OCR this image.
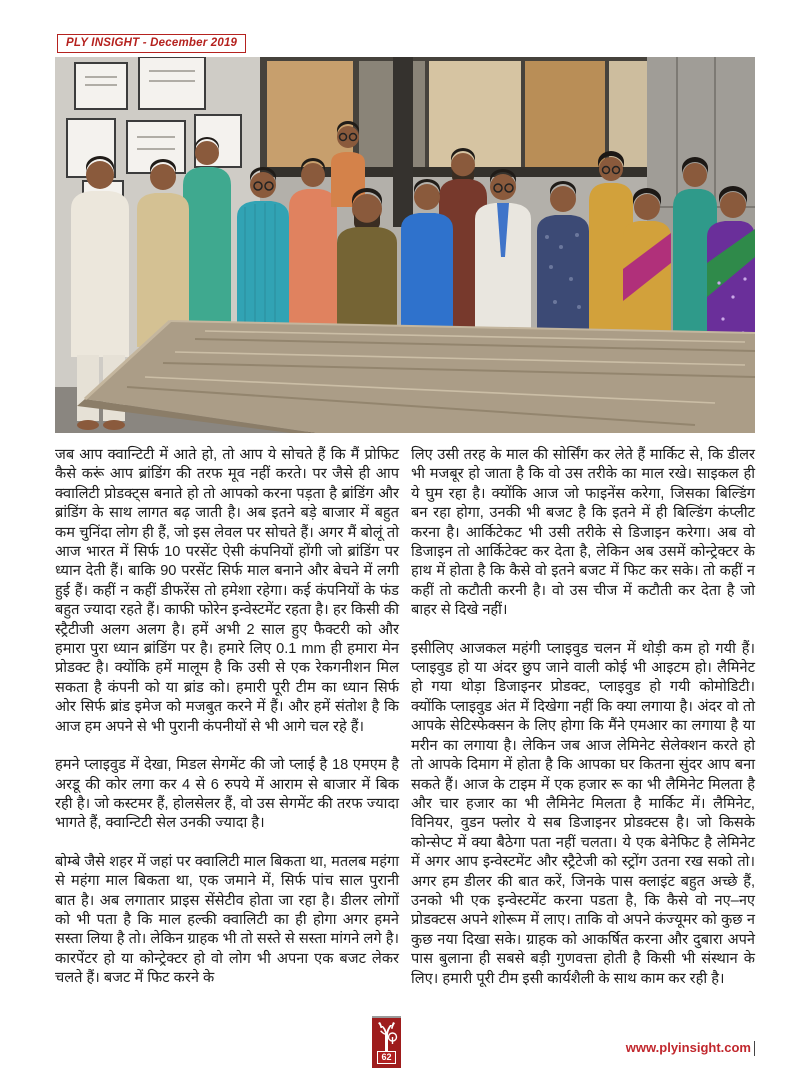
PLY INSIGHT - December 2019

जब आप क्वान्टिटी में आते हो, तो आप ये सोचते हैं कि मैं प्रोफिट कैसे करूं आप ब्रांडिंग की तरफ मूव नहीं करते। पर जैसे ही आप क्वालिटी प्रोडक्ट्स बनाते हो तो आपको करना पड़ता है ब्रांडिंग और ब्रांडिंग के साथ लागत बढ़ जाती है। अब इतने बड़े बाजार में बहुत कम चुनिंदा लोग ही हैं, जो इस लेवल पर सोचते हैं। अगर मैं बोलूं तो आज भारत में सिर्फ 10 परसेंट ऐसी कंपनियों होंगी जो ब्रांडिंग पर ध्यान देती हैं। बाकि 90 परसेंट सिर्फ माल बनाने और बेचने में लगी हुई हैं। कहीं न कहीं डीफरेंस तो हमेशा रहेगा। कई कंपनियों के फंड बहुत ज्यादा रहते हैं। काफी फोरेन इन्वेस्टमेंट रहता है। हर किसी की स्ट्रैटीजी अलग अलग है। हमें अभी 2 साल हुए फैक्टरी को और हमारा पुरा ध्यान ब्रांडिंग पर है। हमारे लिए 0.1 mm ही हमारा मेन प्रोडक्ट है। क्योंकि हमें मालूम है कि उसी से एक रेकगनीशन मिल सकता है कंपनी को या ब्रांड को। हमारी पूरी टीम का ध्यान सिर्फ ओर सिर्फ ब्रांड इमेज को मजबुत करने में हैं। और हमें संतोश है कि आज हम अपने से भी पुरानी कंपनीयों से भी आगे चल रहे हैं।

हमने प्लाइवुड में देखा, मिडल सेगमेंट की जो प्लाई है 18 एमएम है अरडू की कोर लगा कर 4 से 6 रुपये में आराम से बाजार में बिक रही है। जो कस्टमर हैं, होलसेलर हैं, वो उस सेगमेंट की तरफ ज्यादा भागते हैं, क्वान्टिटी सेल उनकी ज्यादा है।

बोम्बे जैसे शहर में जहां पर क्वालिटी माल बिकता था, मतलब महंगा से महंगा माल बिकता था, एक जमाने में, सिर्फ पांच साल पुरानी बात है। अब लगातार प्राइस सेंसेटीव होता जा रहा है। डीलर लोगों को भी पता है कि माल हल्की क्वालिटी का ही होगा अगर हमने सस्ता लिया है तो। लेकिन ग्राहक भी तो सस्ते से सस्ता मांगने लगे है। कारपेंटर हो या कोन्ट्रेक्टर हो वो लोग भी अपना एक बजट लेकर चलते हैं। बजट में फिट करने के

लिए उसी तरह के माल की सोर्सिंग कर लेते हैं मार्किट से, कि डीलर भी मजबूर हो जाता है कि वो उस तरीके का माल रखे। साइकल ही ये घुम रहा है। क्योंकि आज जो फाइनेंस करेगा, जिसका बिल्डिंग बन रहा होगा, उनकी भी बजट है कि इतने में ही बिल्डिंग कंप्लीट करना है। आर्किटेकट भी उसी तरीके से डिजाइन करेगा। अब वो डिजाइन तो आर्किटेक्ट कर देता है, लेकिन अब उसमें कोन्ट्रेक्टर के हाथ में होता है कि कैसे वो इतने बजट में फिट कर सके। तो कहीं न कहीं तो कटौती करनी है। वो उस चीज में कटौती कर देता है जो बाहर से दिखे नहीं।

इसीलिए आजकल महंगी प्लाइवुड चलन में थोड़ी कम हो गयी हैं। प्लाइवुड हो या अंदर छुप जाने वाली कोई भी आइटम हो। लैमिनेट हो गया थोड़ा डिजाइनर प्रोडक्ट, प्लाइवुड हो गयी कोमोडिटी। क्योंकि प्लाइवुड अंत में दिखेगा नहीं कि क्या लगाया है। अंदर वो तो आपके सेटिस्फेक्सन के लिए होगा कि मैंने एमआर का लगाया है या मरीन का लगाया है। लेकिन जब आज लेमिनेट सेलेक्शन करते हो तो आपके दिमाग में होता है कि आपका घर कितना सुंदर आप बना सकते हैं। आज के टाइम में एक हजार रू का भी लैमिनेट मिलता है और चार हजार का भी लैमिनेट मिलता है मार्किट में। लैमिनेट, विनियर, वुडन फ्लोर ये सब डिजाइनर प्रोडक्टस है। जो किसके कोन्सेप्ट में क्या बैठेगा पता नहीं चलता। ये एक बेनेफिट है लेमिनेट में अगर आप इन्वेस्टमेंट और स्ट्रैटेजी को स्ट्रोंग उतना रख सको तो। अगर हम डीलर की बात करें, जिनके पास क्लाइंट बहुत अच्छे हैं, उनको भी एक इन्वेस्टमेंट करना पडता है, कि कैसे वो नए–नए प्रोडक्टस अपने शोरूम में लाए। ताकि वो अपने कंज्यूमर को कुछ न कुछ नया दिखा सके। ग्राहक को आकर्षित करना और दुबारा अपने पास बुलाना ही सबसे बड़ी गुणवत्ता होती है किसी भी संस्थान के लिए। हमारी पूरी टीम इसी कार्यशैली के साथ काम कर रही है।

62
www.plyinsight.com
